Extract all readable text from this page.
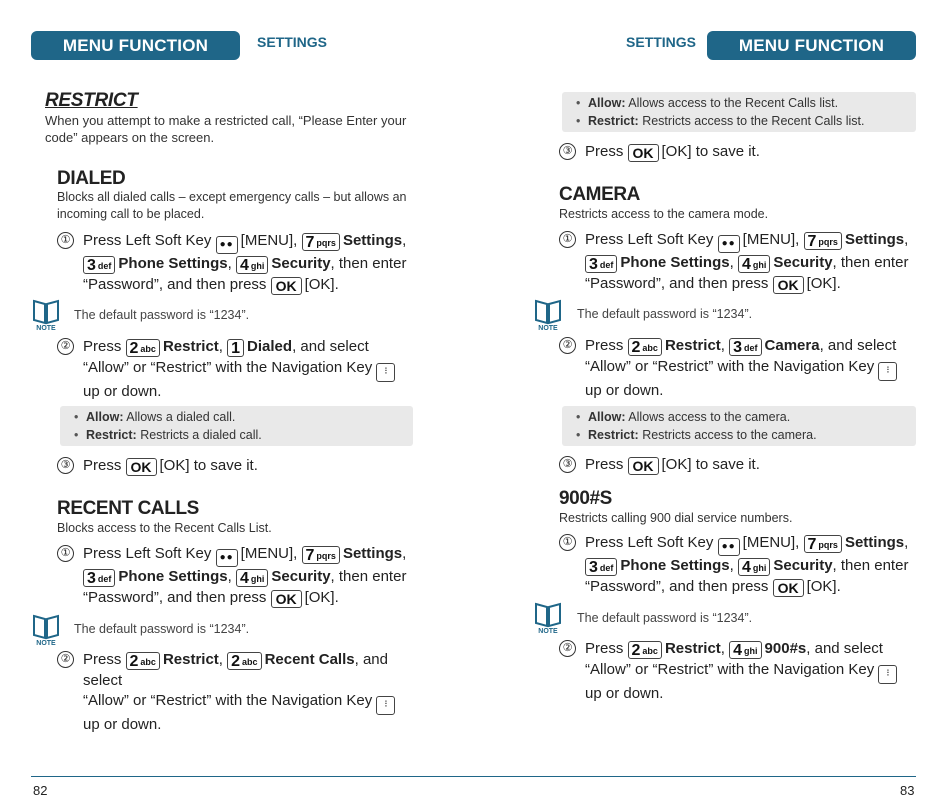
MENU FUNCTION	SETTINGS
RESTRICT
When you attempt to make a restricted call, “Please Enter your code” appears on the screen.
DIALED
Blocks all dialed calls – except emergency calls – but allows an incoming call to be placed.
① Press Left Soft Key ●● [MENU], 7 pqrs Settings,
3 def Phone Settings, 4 ghi Security, then enter
“Password”, and then press OK [OK].
NOTE
The default password is “1234”.
② Press 2 abc Restrict, 1 Dialed, and select
“Allow” or “Restrict” with the Navigation Key ⁝
up or down.
• Allow: Allows a dialed call.
• Restrict: Restricts a dialed call.
③ Press OK [OK] to save it.
RECENT CALLS
Blocks access to the Recent Calls List.
① Press Left Soft Key ●● [MENU], 7 pqrs Settings,
3 def Phone Settings, 4 ghi Security, then enter
“Password”, and then press OK [OK].
NOTE
The default password is “1234”.
② Press 2 abc Restrict, 2 abc Recent Calls, and select
“Allow” or “Restrict” with the Navigation Key ⁝
up or down.
82
SETTINGS	MENU FUNCTION
• Allow: Allows access to the Recent Calls list.
• Restrict: Restricts access to the Recent Calls list.
③ Press OK [OK] to save it.
CAMERA
Restricts access to the camera mode.
① Press Left Soft Key ●● [MENU], 7 pqrs Settings,
3 def Phone Settings, 4 ghi Security, then enter
“Password”, and then press OK [OK].
NOTE
The default password is “1234”.
② Press 2 abc Restrict, 3 def Camera, and select
“Allow” or “Restrict” with the Navigation Key ⁝
up or down.
• Allow: Allows access to the camera.
• Restrict: Restricts access to the camera.
③ Press OK [OK] to save it.
900#S
Restricts calling 900 dial service numbers.
① Press Left Soft Key ●● [MENU], 7 pqrs Settings,
3 def Phone Settings, 4 ghi Security, then enter
“Password”, and then press OK [OK].
NOTE
The default password is “1234”.
② Press 2 abc Restrict, 4 ghi 900#s, and select
“Allow” or “Restrict” with the Navigation Key ⁝
up or down.
83
